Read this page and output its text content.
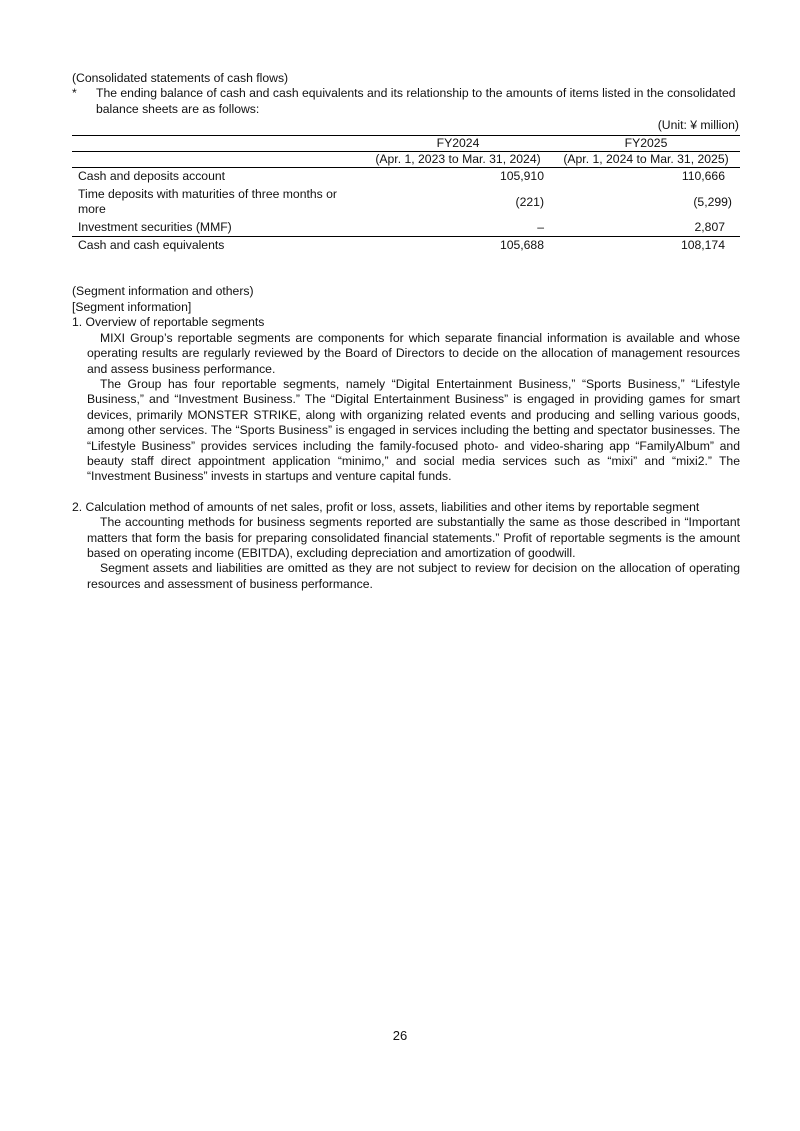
(Consolidated statements of cash flows)
*	The ending balance of cash and cash equivalents and its relationship to the amounts of items listed in the consolidated balance sheets are as follows:
(Unit: ¥ million)
	FY2024	FY2025
	(Apr. 1, 2023 to Mar. 31, 2024)	(Apr. 1, 2024 to Mar. 31, 2025)
Cash and deposits account	105,910	110,666
Time deposits with maturities of three months or more	(221)	(5,299)
Investment securities (MMF)	–	2,807
Cash and cash equivalents	105,688	108,174
(Segment information and others)
[Segment information]
1. Overview of reportable segments
MIXI Group’s reportable segments are components for which separate financial information is available and whose operating results are regularly reviewed by the Board of Directors to decide on the allocation of management resources and assess business performance.
The Group has four reportable segments, namely “Digital Entertainment Business,” “Sports Business,” “Lifestyle Business,” and “Investment Business.” The “Digital Entertainment Business” is engaged in providing games for smart devices, primarily MONSTER STRIKE, along with organizing related events and producing and selling various goods, among other services. The “Sports Business” is engaged in services including the betting and spectator businesses. The “Lifestyle Business” provides services including the family-focused photo- and video-sharing app “FamilyAlbum” and beauty staff direct appointment application “minimo,” and social media services such as “mixi” and “mixi2.” The “Investment Business” invests in startups and venture capital funds.
2. Calculation method of amounts of net sales, profit or loss, assets, liabilities and other items by reportable segment
The accounting methods for business segments reported are substantially the same as those described in “Important matters that form the basis for preparing consolidated financial statements.” Profit of reportable segments is the amount based on operating income (EBITDA), excluding depreciation and amortization of goodwill.
Segment assets and liabilities are omitted as they are not subject to review for decision on the allocation of operating resources and assessment of business performance.
26
